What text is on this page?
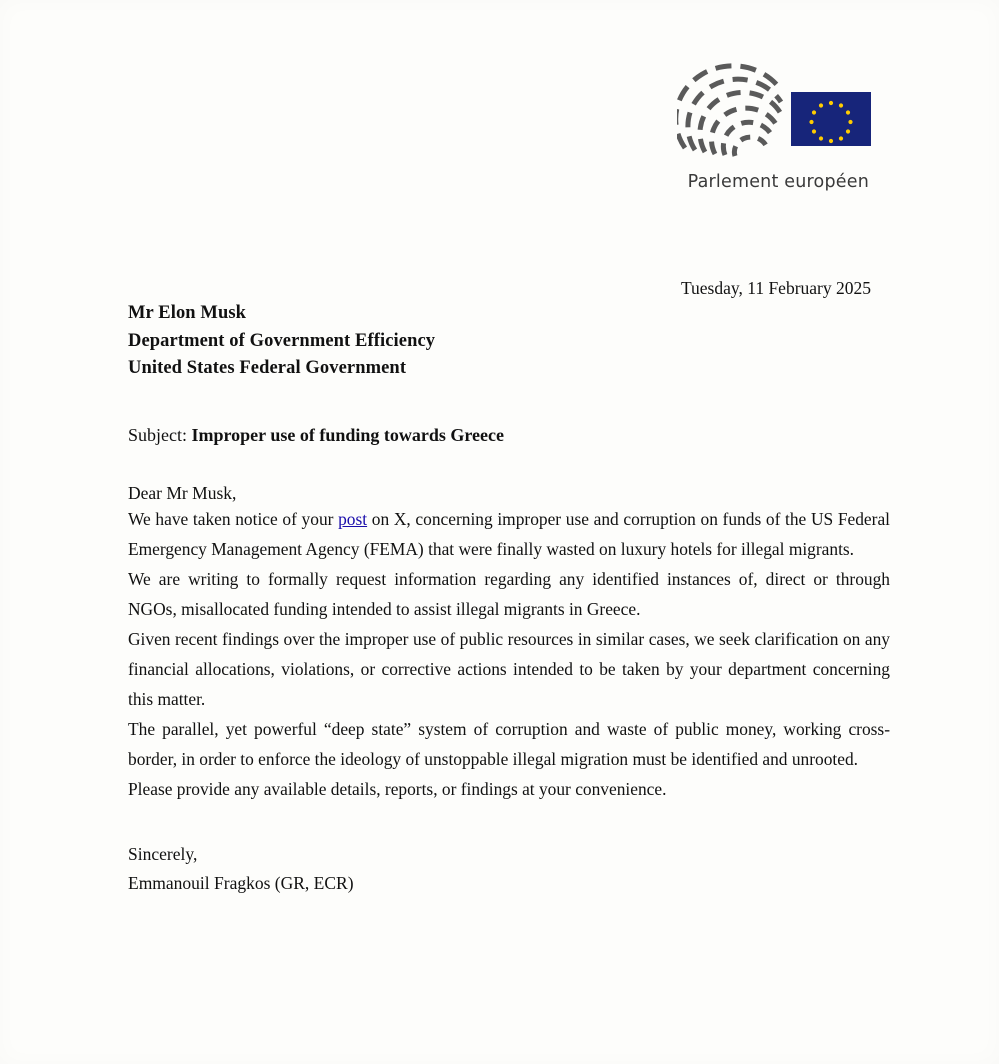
Parlement européen
Tuesday, 11 February 2025
Mr Elon Musk
Department of Government Efficiency
United States Federal Government
Subject: Improper use of funding towards Greece
Dear Mr Musk,

We have taken notice of your post on X, concerning improper use and corruption on funds of the US Federal Emergency Management Agency (FEMA) that were finally wasted on luxury hotels for illegal migrants.

We are writing to formally request information regarding any identified instances of, direct or through NGOs, misallocated funding intended to assist illegal migrants in Greece.

Given recent findings over the improper use of public resources in similar cases, we seek clarification on any financial allocations, violations, or corrective actions intended to be taken by your department concerning this matter.

The parallel, yet powerful “deep state” system of corruption and waste of public money, working cross-border, in order to enforce the ideology of unstoppable illegal migration must be identified and unrooted.

Please provide any available details, reports, or findings at your convenience.

Sincerely,
Emmanouil Fragkos (GR, ECR)
